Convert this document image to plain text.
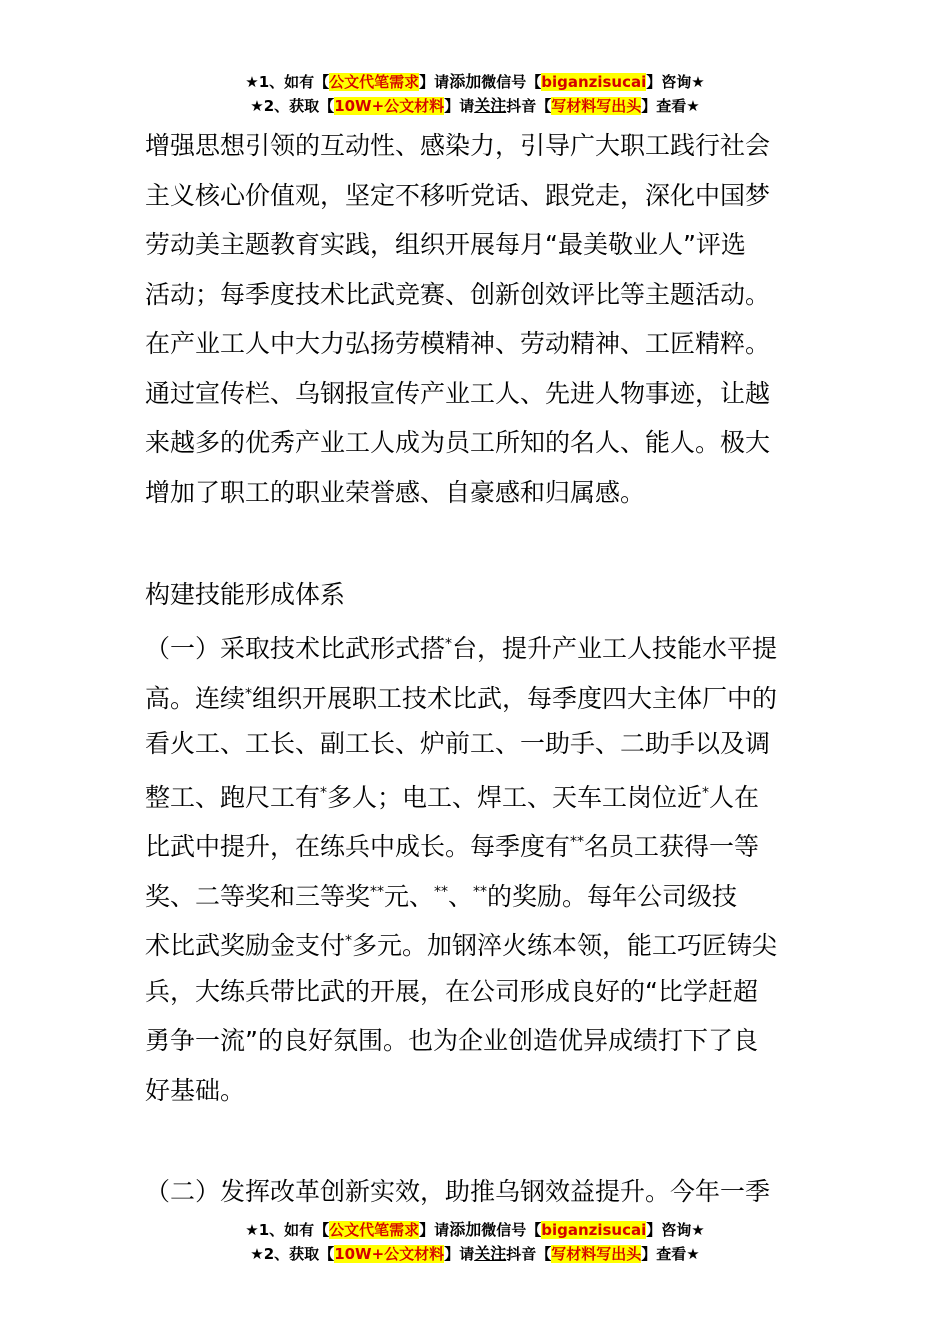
★1、如有【公文代笔需求】请添加微信号【biganzisucai】咨询★
★2、获取【10W+公文材料】请关注抖音【写材料写出头】查看★
增强思想引领的互动性、感染力，引导广大职工践行社会
主义核心价值观，坚定不移听党话、跟党走，深化中国梦
劳动美主题教育实践，组织开展每月“最美敬业人”评选
活动；每季度技术比武竞赛、创新创效评比等主题活动。
在产业工人中大力弘扬劳模精神、劳动精神、工匠精粹。
通过宣传栏、乌钢报宣传产业工人、先进人物事迹，让越
来越多的优秀产业工人成为员工所知的名人、能人。极大
增加了职工的职业荣誉感、自豪感和归属感。
构建技能形成体系
（一）采取技术比武形式搭*台，提升产业工人技能水平提
高。连续*组织开展职工技术比武，每季度四大主体厂中的
看火工、工长、副工长、炉前工、一助手、二助手以及调
整工、跑尺工有*多人；电工、焊工、天车工岗位近*人在
比武中提升，在练兵中成长。每季度有**名员工获得一等
奖、二等奖和三等奖**元、**、**的奖励。每年公司级技
术比武奖励金支付*多元。加钢淬火练本领，能工巧匠铸尖
兵，大练兵带比武的开展，在公司形成良好的“比学赶超
勇争一流”的良好氛围。也为企业创造优异成绩打下了良
好基础。
（二）发挥改革创新实效，助推乌钢效益提升。今年一季
★1、如有【公文代笔需求】请添加微信号【biganzisucai】咨询★
★2、获取【10W+公文材料】请关注抖音【写材料写出头】查看★
